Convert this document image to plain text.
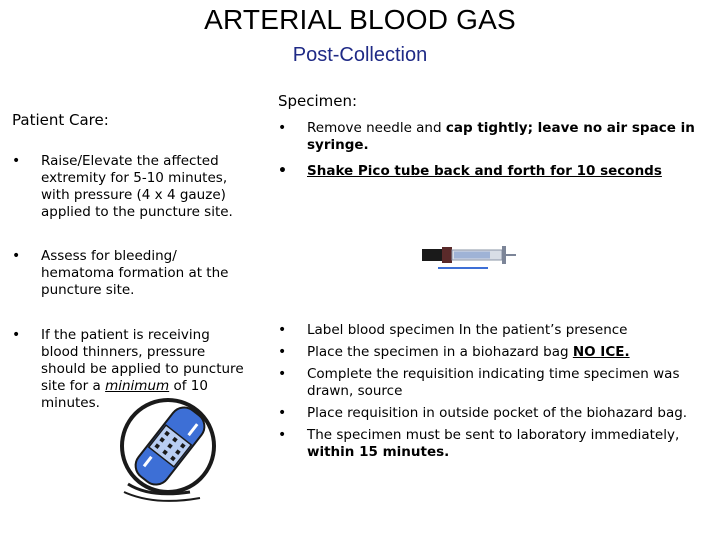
ARTERIAL BLOOD GAS
Post-Collection
Patient Care:
• Raise/Elevate the affected extremity for 5-10 minutes, with pressure (4 x 4 gauze) applied to the puncture site.
• Assess for bleeding/ hematoma formation at the puncture site.
• If the patient is receiving blood thinners, pressure should be applied to puncture site for a minimum of 10 minutes.
Specimen:
• Remove needle and cap tightly; leave no air space in syringe.
• Shake Pico tube back and forth for 10 seconds
• Label blood specimen In the patient’s presence
• Place the specimen in a biohazard bag NO ICE.
• Complete the requisition indicating time specimen was drawn, source
• Place requisition in outside pocket of the biohazard bag.
• The specimen must be sent to laboratory immediately, within 15 minutes.
